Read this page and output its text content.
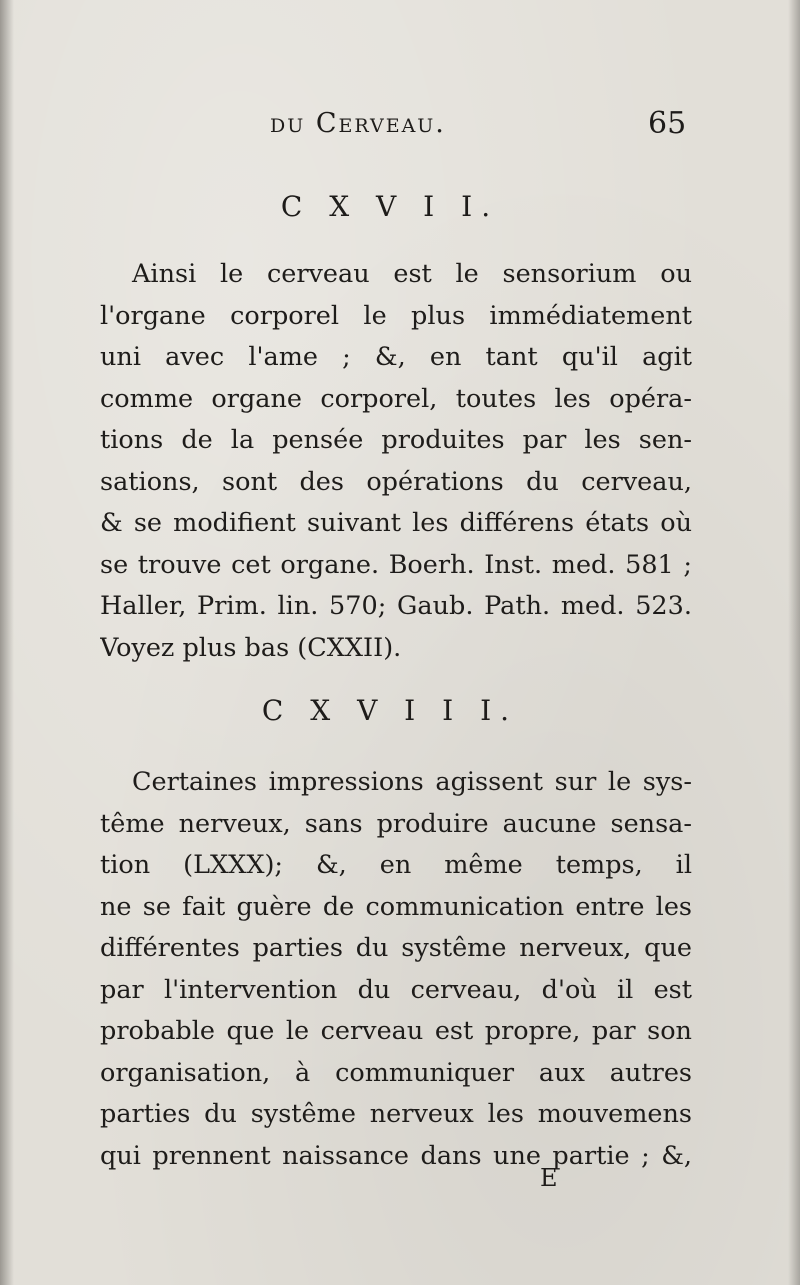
du Cerveau.	65
C X V I I.
Ainsi le cerveau est le sensorium ou
l'organe corporel le plus immédiatement
uni avec l'ame ; &, en tant qu'il agit
comme organe corporel, toutes les opéra-
tions de la pensée produites par les sen-
sations, sont des opérations du cerveau,
& se modifient suivant les différens états où
se trouve cet organe. Boerh. Inst. med. 581 ;
Haller, Prim. lin. 570; Gaub. Path. med. 523.
Voyez plus bas (CXXII).
C X V I I I.
Certaines impressions agissent sur le sys-
tême nerveux, sans produire aucune sensa-
tion (LXXX); &, en même temps, il
ne se fait guère de communication entre les
différentes parties du systême nerveux, que
par l'intervention du cerveau, d'où il est
probable que le cerveau est propre, par son
organisation, à communiquer aux autres
parties du systême nerveux les mouvemens
qui prennent naissance dans une partie ; &,
E
